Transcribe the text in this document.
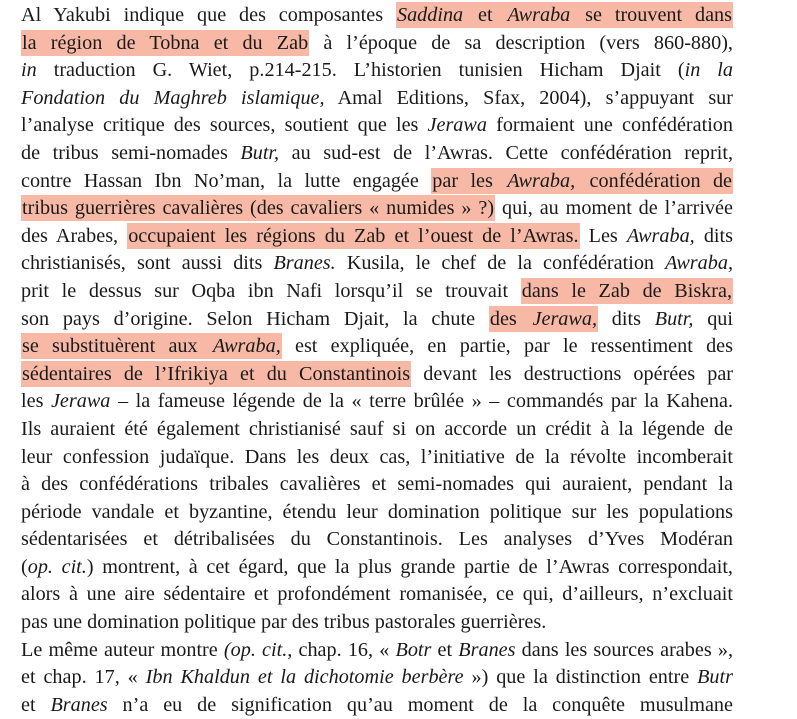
Al Yakubi indique que des composantes Saddina et Awraba se trouvent dans
la région de Tobna et du Zab à l’époque de sa description (vers 860-880),
in traduction G. Wiet, p.214-215. L’historien tunisien Hicham Djait (in la
Fondation du Maghreb islamique, Amal Editions, Sfax, 2004), s’appuyant sur
l’analyse critique des sources, soutient que les Jerawa formaient une confédération
de tribus semi-nomades Butr, au sud-est de l’Awras. Cette confédération reprit,
contre Hassan Ibn No’man, la lutte engagée par les Awraba, confédération de
tribus guerrières cavalières (des cavaliers « numides » ?) qui, au moment de l’arrivée
des Arabes, occupaient les régions du Zab et l’ouest de l’Awras. Les Awraba, dits
christianisés, sont aussi dits Branes. Kusila, le chef de la confédération Awraba,
prit le dessus sur Oqba ibn Nafi lorsqu’il se trouvait dans le Zab de Biskra,
son pays d’origine. Selon Hicham Djait, la chute des Jerawa, dits Butr, qui
se substituèrent aux Awraba, est expliquée, en partie, par le ressentiment des
sédentaires de l’Ifrikiya et du Constantinois devant les destructions opérées par
les Jerawa – la fameuse légende de la « terre brûlée » – commandés par la Kahena.
Ils auraient été également christianisé sauf si on accorde un crédit à la légende de
leur confession judaïque. Dans les deux cas, l’initiative de la révolte incomberait
à des confédérations tribales cavalières et semi-nomades qui auraient, pendant la
période vandale et byzantine, étendu leur domination politique sur les populations
sédentarisées et détribalisées du Constantinois. Les analyses d’Yves Modéran
(op. cit.) montrent, à cet égard, que la plus grande partie de l’Awras correspondait,
alors à une aire sédentaire et profondément romanisée, ce qui, d’ailleurs, n’excluait
pas une domination politique par des tribus pastorales guerrières.
Le même auteur montre (op. cit., chap. 16, « Botr et Branes dans les sources arabes »,
et chap. 17, « Ibn Khaldun et la dichotomie berbère ») que la distinction entre Butr
et Branes n’a eu de signification qu’au moment de la conquête musulmane
